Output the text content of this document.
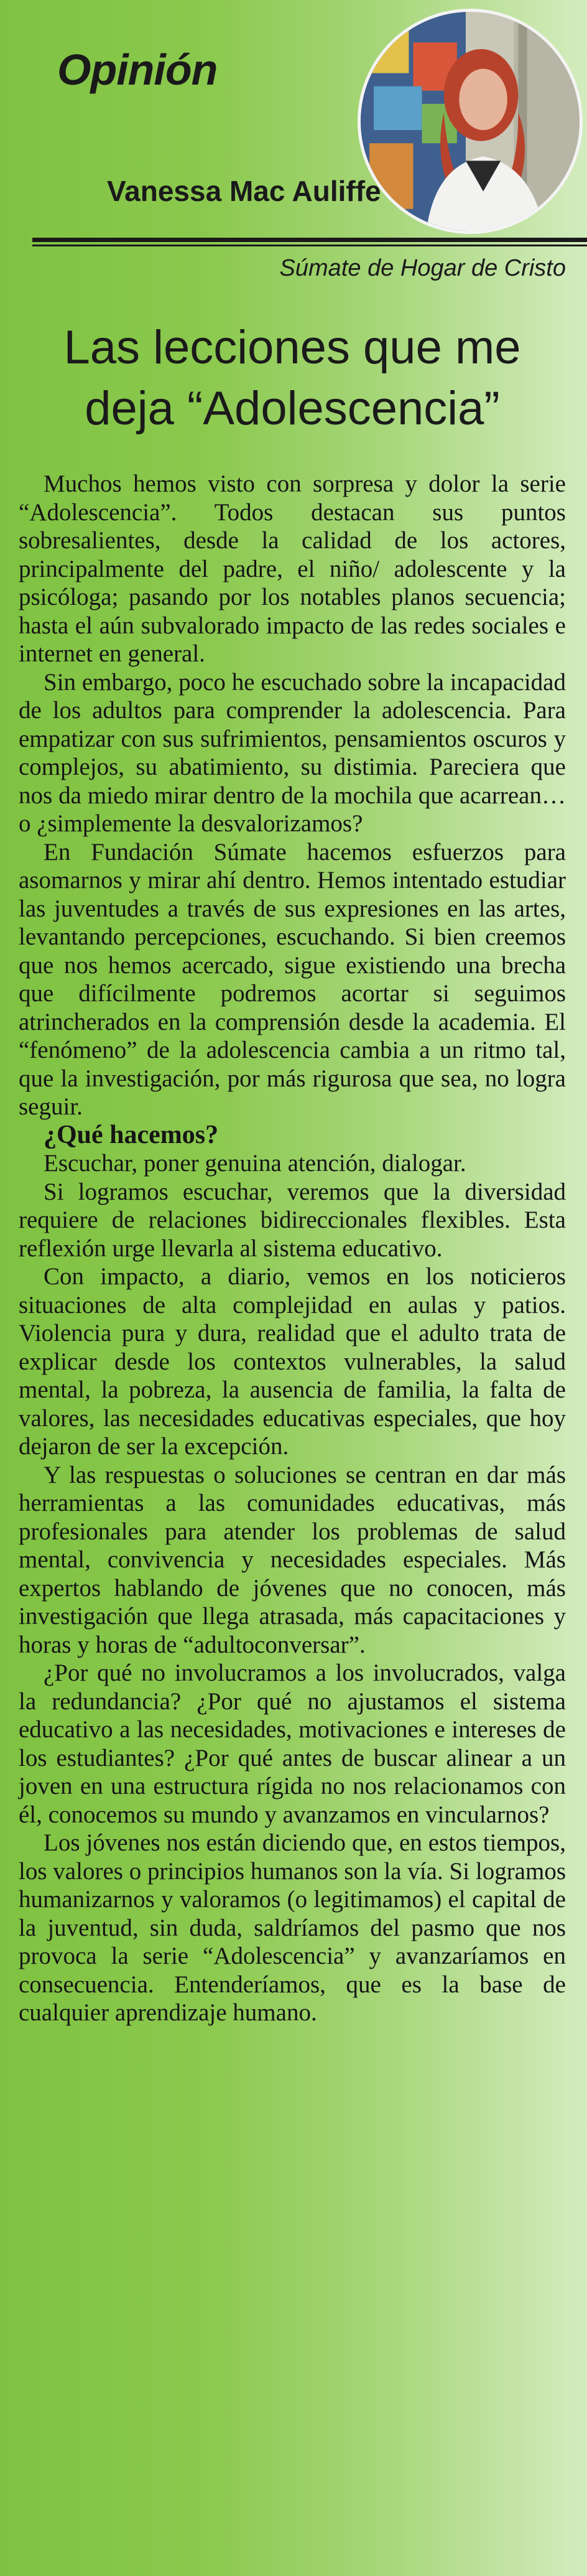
Opinión

Vanessa Mac Auliffe

Súmate de Hogar de Cristo

Las lecciones que me
deja “Adolescencia”

Muchos hemos visto con sorpresa y dolor la serie “Adolescencia”. Todos destacan sus puntos sobresalientes, desde la calidad de los actores, principalmente del padre, el niño/ adolescente y la psicóloga; pasando por los notables planos secuencia; hasta el aún subvalorado impacto de las redes sociales e internet en general.

Sin embargo, poco he escuchado sobre la incapacidad de los adultos para comprender la adolescencia. Para empatizar con sus sufrimientos, pensamientos oscuros y complejos, su abatimiento, su distimia. Pareciera que nos da miedo mirar dentro de la mochila que acarrean… o ¿simplemente la desvalorizamos?

En Fundación Súmate hacemos esfuerzos para asomarnos y mirar ahí dentro. Hemos intentado estudiar las juventudes a través de sus expresiones en las artes, levantando percepciones, escuchando. Si bien creemos que nos hemos acercado, sigue existiendo una brecha que difícilmente podremos acortar si seguimos atrincherados en la comprensión desde la academia. El “fenómeno” de la adolescencia cambia a un ritmo tal, que la investigación, por más rigurosa que sea, no logra seguir.

¿Qué hacemos?

Escuchar, poner genuina atención, dialogar.

Si logramos escuchar, veremos que la diversidad requiere de relaciones bidireccionales flexibles. Esta reflexión urge llevarla al sistema educativo.

Con impacto, a diario, vemos en los noticieros situaciones de alta complejidad en aulas y patios. Violencia pura y dura, realidad que el adulto trata de explicar desde los contextos vulnerables, la salud mental, la pobreza, la ausencia de familia, la falta de valores, las necesidades educativas especiales, que hoy dejaron de ser la excepción.

Y las respuestas o soluciones se centran en dar más herramientas a las comunidades educativas, más profesionales para atender los problemas de salud mental, convivencia y necesidades especiales. Más expertos hablando de jóvenes que no conocen, más investigación que llega atrasada, más capacitaciones y horas y horas de “adultoconversar”.

¿Por qué no involucramos a los involucrados, valga la redundancia? ¿Por qué no ajustamos el sistema educativo a las necesidades, motivaciones e intereses de los estudiantes? ¿Por qué antes de buscar alinear a un joven en una estructura rígida no nos relacionamos con él, conocemos su mundo y avanzamos en vincularnos?

Los jóvenes nos están diciendo que, en estos tiempos, los valores o principios humanos son la vía. Si logramos humanizarnos y valoramos (o legitimamos) el capital de la juventud, sin duda, saldríamos del pasmo que nos provoca la serie “Adolescencia” y avanzaríamos en consecuencia. Entenderíamos, que es la base de cualquier aprendizaje humano.
